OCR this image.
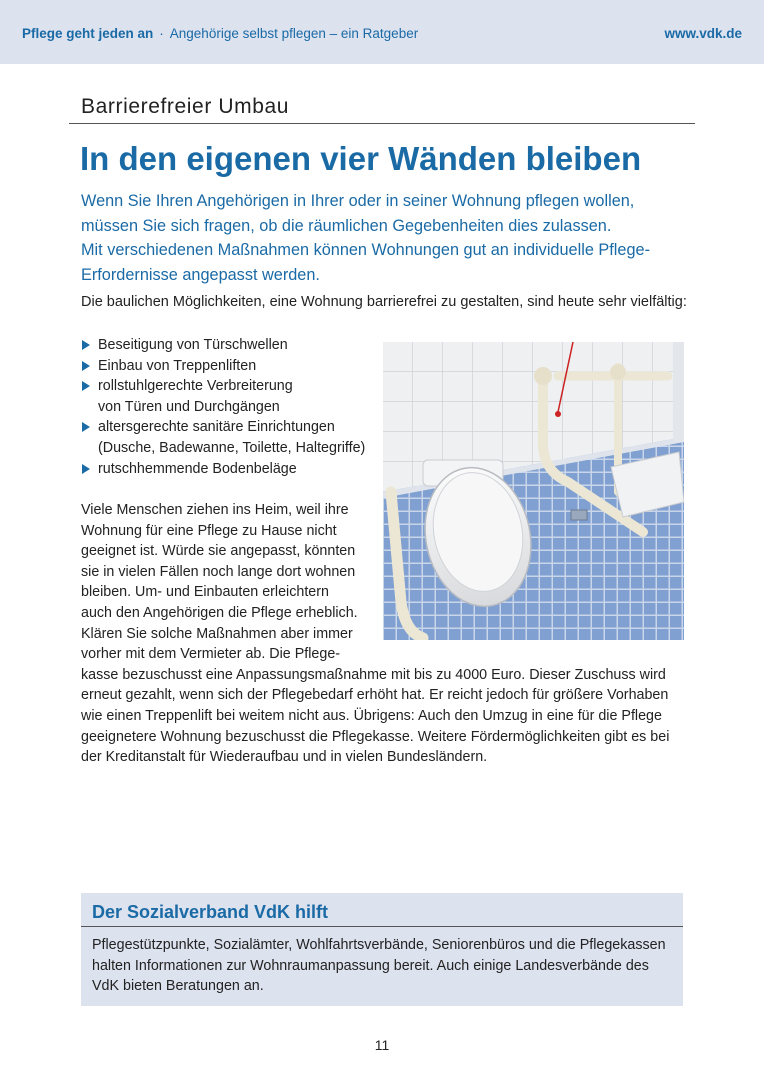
Pflege geht jeden an · Angehörige selbst pflegen – ein Ratgeber	www.vdk.de
Barrierefreier Umbau
In den eigenen vier Wänden bleiben

Wenn Sie Ihren Angehörigen in Ihrer oder in seiner Wohnung pflegen wollen,

müssen Sie sich fragen, ob die räumlichen Gegebenheiten dies zulassen.

Mit verschiedenen Maßnahmen können Wohnungen gut an individuelle Pflege-

Erfordernisse angepasst werden.

Die baulichen Möglichkeiten, eine Wohnung barrierefrei zu gestalten, sind heute sehr vielfältig:
Beseitigung von Türschwellen
Einbau von Treppenliften
rollstuhlgerechte Verbreiterung
von Türen und Durchgängen
altersgerechte sanitäre Einrichtungen
(Dusche, Badewanne, Toilette, Haltegriffe)
rutschhemmende Bodenbeläge
Viele Menschen ziehen ins Heim, weil ihre
Wohnung für eine Pflege zu Hause nicht
geeignet ist. Würde sie angepasst, könnten
sie in vielen Fällen noch lange dort wohnen
bleiben. Um- und Einbauten erleichtern
auch den Angehörigen die Pflege erheblich.
Klären Sie solche Maßnahmen aber immer
vorher mit dem Vermieter ab. Die Pflege-
kasse bezuschusst eine Anpassungsmaßnahme mit bis zu 4000 Euro. Dieser Zuschuss wird
erneut gezahlt, wenn sich der Pflegebedarf erhöht hat. Er reicht jedoch für größere Vorhaben
wie einen Treppenlift bei weitem nicht aus. Übrigens: Auch den Umzug in eine für die Pflege
geeignetere Wohnung bezuschusst die Pflegekasse. Weitere Fördermöglichkeiten gibt es bei
der Kreditanstalt für Wiederaufbau und in vielen Bundesländern.
Der Sozialverband VdK hilft
Pflegestützpunkte, Sozialämter, Wohlfahrtsverbände, Seniorenbüros und die Pflegekassen
halten Informationen zur Wohnraumanpassung bereit. Auch einige Landesverbände des
VdK bieten Beratungen an.
11
